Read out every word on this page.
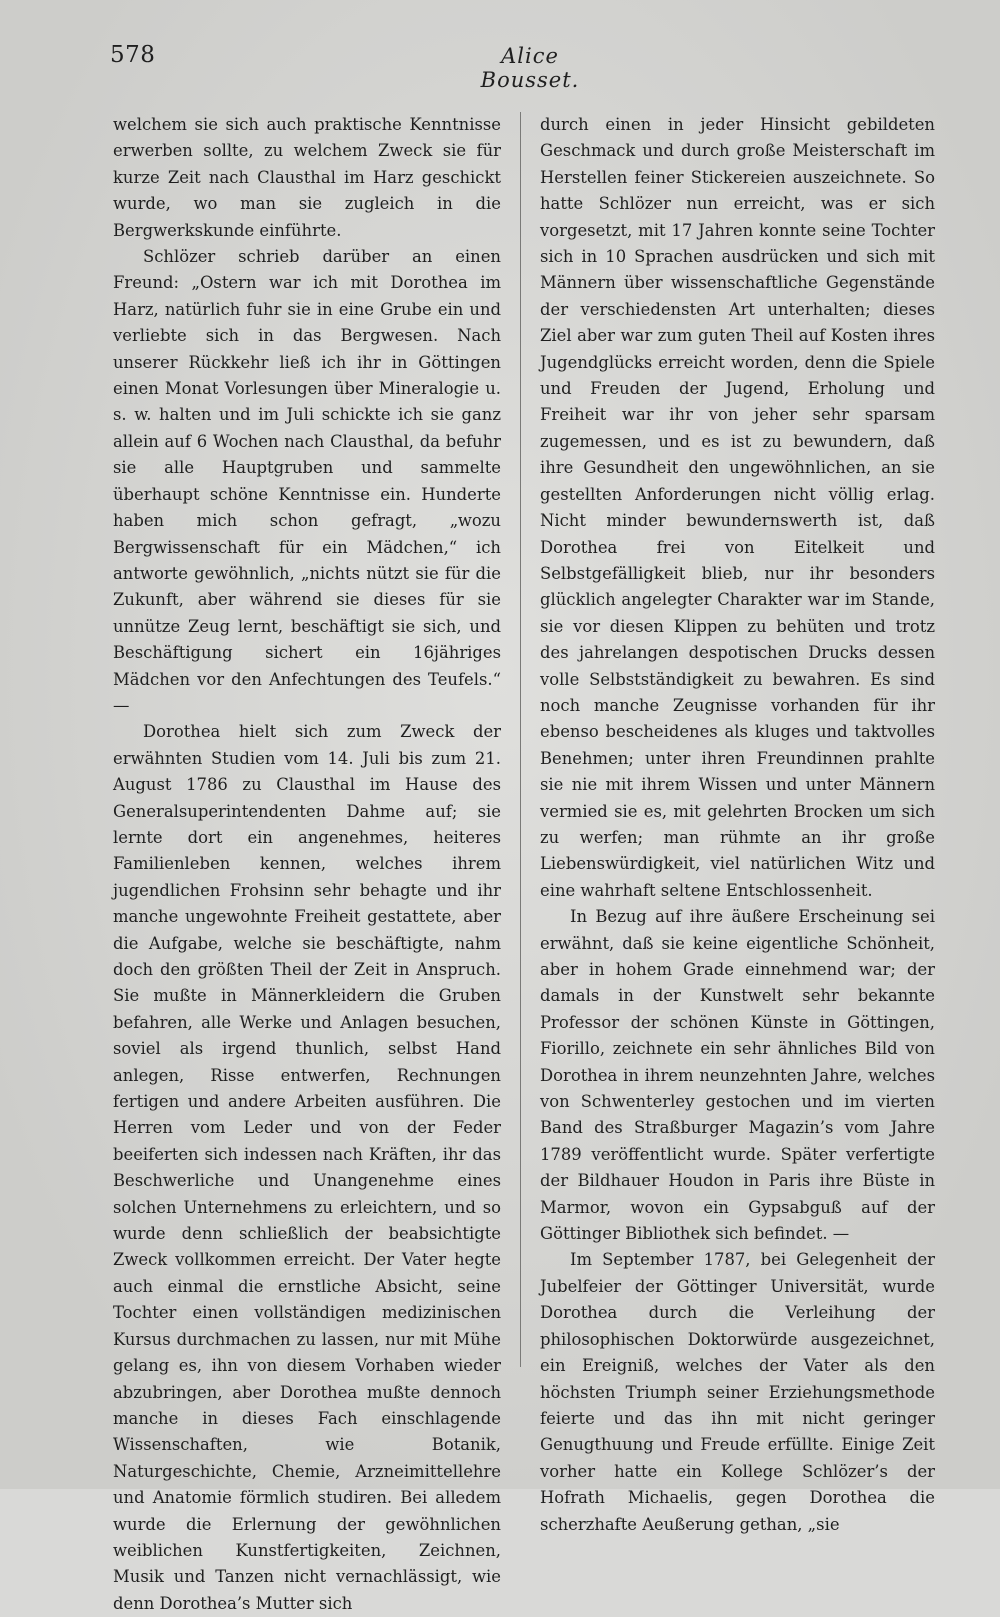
578	Alice Bousset.

welchem sie sich auch praktische Kenntnisse erwerben sollte, zu welchem Zweck sie für kurze Zeit nach Clausthal im Harz geschickt wurde, wo man sie zugleich in die Bergwerkskunde einführte.

Schlözer schrieb darüber an einen Freund: „Ostern war ich mit Dorothea im Harz, natürlich fuhr sie in eine Grube ein und verliebte sich in das Bergwesen. Nach unserer Rückkehr ließ ich ihr in Göttingen einen Monat Vorlesungen über Mineralogie u. s. w. halten und im Juli schickte ich sie ganz allein auf 6 Wochen nach Clausthal, da befuhr sie alle Hauptgruben und sammelte überhaupt schöne Kenntnisse ein. Hunderte haben mich schon gefragt, „wozu Bergwissenschaft für ein Mädchen,“ ich antworte gewöhnlich, „nichts nützt sie für die Zukunft, aber während sie dieses für sie unnütze Zeug lernt, beschäftigt sie sich, und Beschäftigung sichert ein 16jähriges Mädchen vor den Anfechtungen des Teufels.“ —

Dorothea hielt sich zum Zweck der erwähnten Studien vom 14. Juli bis zum 21. August 1786 zu Clausthal im Hause des Generalsuperintendenten Dahme auf; sie lernte dort ein angenehmes, heiteres Familienleben kennen, welches ihrem jugendlichen Frohsinn sehr behagte und ihr manche ungewohnte Freiheit gestattete, aber die Aufgabe, welche sie beschäftigte, nahm doch den größten Theil der Zeit in Anspruch. Sie mußte in Männerkleidern die Gruben befahren, alle Werke und Anlagen besuchen, soviel als irgend thunlich, selbst Hand anlegen, Risse entwerfen, Rechnungen fertigen und andere Arbeiten ausführen. Die Herren vom Leder und von der Feder beeiferten sich indessen nach Kräften, ihr das Beschwerliche und Unangenehme eines solchen Unternehmens zu erleichtern, und so wurde denn schließlich der beabsichtigte Zweck vollkommen erreicht. Der Vater hegte auch einmal die ernstliche Absicht, seine Tochter einen vollständigen medizinischen Kursus durchmachen zu lassen, nur mit Mühe gelang es, ihn von diesem Vorhaben wieder abzubringen, aber Dorothea mußte dennoch manche in dieses Fach einschlagende Wissenschaften, wie Botanik, Naturgeschichte, Chemie, Arzneimittellehre und Anatomie förmlich studiren. Bei alledem wurde die Erlernung der gewöhnlichen weiblichen Kunstfertigkeiten, Zeichnen, Musik und Tanzen nicht vernachlässigt, wie denn Dorothea’s Mutter sich

durch einen in jeder Hinsicht gebildeten Geschmack und durch große Meisterschaft im Herstellen feiner Stickereien auszeichnete. So hatte Schlözer nun erreicht, was er sich vorgesetzt, mit 17 Jahren konnte seine Tochter sich in 10 Sprachen ausdrücken und sich mit Männern über wissenschaftliche Gegenstände der verschiedensten Art unterhalten; dieses Ziel aber war zum guten Theil auf Kosten ihres Jugendglücks erreicht worden, denn die Spiele und Freuden der Jugend, Erholung und Freiheit war ihr von jeher sehr sparsam zugemessen, und es ist zu bewundern, daß ihre Gesundheit den ungewöhnlichen, an sie gestellten Anforderungen nicht völlig erlag. Nicht minder bewundernswerth ist, daß Dorothea frei von Eitelkeit und Selbstgefälligkeit blieb, nur ihr besonders glücklich angelegter Charakter war im Stande, sie vor diesen Klippen zu behüten und trotz des jahrelangen despotischen Drucks dessen volle Selbstständigkeit zu bewahren. Es sind noch manche Zeugnisse vorhanden für ihr ebenso bescheidenes als kluges und taktvolles Benehmen; unter ihren Freundinnen prahlte sie nie mit ihrem Wissen und unter Männern vermied sie es, mit gelehrten Brocken um sich zu werfen; man rühmte an ihr große Liebenswürdigkeit, viel natürlichen Witz und eine wahrhaft seltene Entschlossenheit.

In Bezug auf ihre äußere Erscheinung sei erwähnt, daß sie keine eigentliche Schönheit, aber in hohem Grade einnehmend war; der damals in der Kunstwelt sehr bekannte Professor der schönen Künste in Göttingen, Fiorillo, zeichnete ein sehr ähnliches Bild von Dorothea in ihrem neunzehnten Jahre, welches von Schwenterley gestochen und im vierten Band des Straßburger Magazin’s vom Jahre 1789 veröffentlicht wurde. Später verfertigte der Bildhauer Houdon in Paris ihre Büste in Marmor, wovon ein Gypsabguß auf der Göttinger Bibliothek sich befindet. —

Im September 1787, bei Gelegenheit der Jubelfeier der Göttinger Universität, wurde Dorothea durch die Verleihung der philosophischen Doktorwürde ausgezeichnet, ein Ereigniß, welches der Vater als den höchsten Triumph seiner Erziehungsmethode feierte und das ihn mit nicht geringer Genugthuung und Freude erfüllte. Einige Zeit vorher hatte ein Kollege Schlözer’s der Hofrath Michaelis, gegen Dorothea die scherzhafte Aeußerung gethan, „sie
